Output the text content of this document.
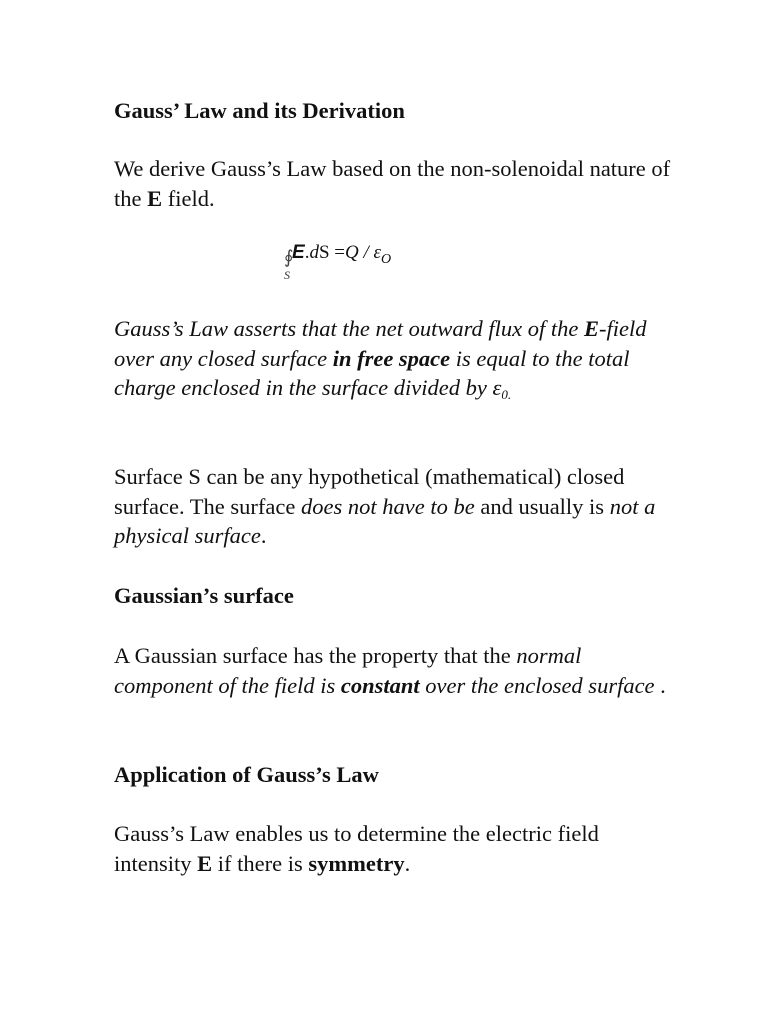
Gauss’ Law and its Derivation

We derive Gauss’s Law based on the non-solenoidal nature of the E field.

∮
S
$E.dS =Q / \varepsilon_O$

Gauss’s Law asserts that the net outward flux of the E-field over any closed surface in free space is equal to the total charge enclosed in the surface divided by ε0.

Surface S can be any hypothetical (mathematical) closed surface. The surface does not have to be and usually is not a physical surface.

Gaussian’s surface

A Gaussian surface has the property that the normal component of the field is constant over the enclosed surface .

Application of Gauss’s Law

Gauss’s Law enables us to determine the electric field intensity E if there is symmetry.
